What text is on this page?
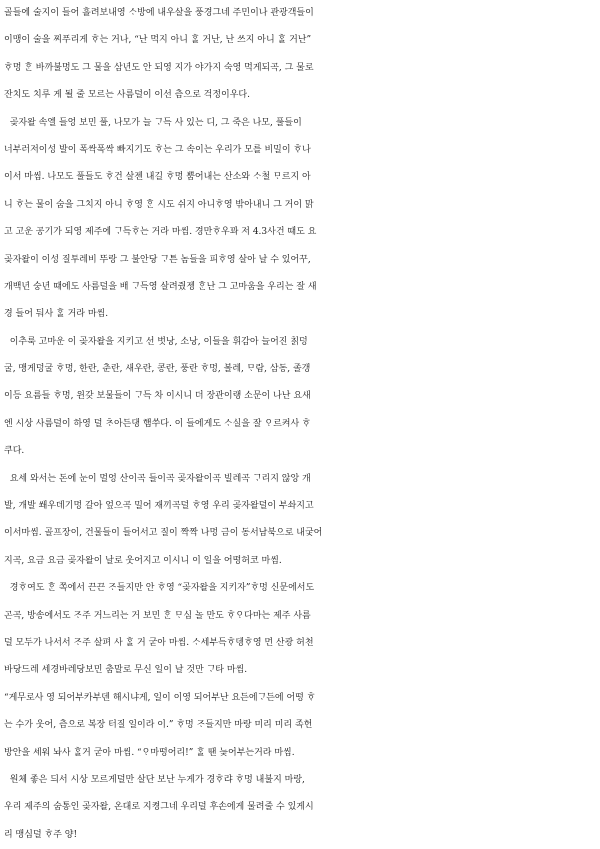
골들에 술지이 들어 흘려보내영 ᄉᆞ방에 내우살을 풍경그네 주민이나 관광객들이
이맹이 술을 찌푸리게 ᄒᆞ는 거나, “난 먹지 아니 ᄒᆞᆯ 거난, 난 쓰지 아니 ᄒᆞᆯ 거난”
ᄒᆞ멍 ᄒᆞᆫ 바까불멍도 그 물을 삼년도 안 되영 지가 야가지 숙영 먹게되곡, 그 물로
잔치도 치루 게 될 줄 모르는 사름덜이 이선 츰으로 걱정이우다.
곶자왈 속엘 들엉 보민 풀, 나모가 늘 ᄀᆞ득 사 있는 디, 그 죽은 나모, 풀들이
너부러저이성 발이 폭싹폭싹 빠지기도 ᄒᆞ는 그 속이는 우리가 모를 비밀이 ᄒᆞ나
이서 마씸. 나모도 풀들도 ᄒᆞ건 살젠 내길 ᄒᆞ멍 뿜어내는 산소와 ᄉᆞ철 ᄆᆞ르지 아
니 ᄒᆞ는 물이 숨을 그치지 아니 ᄒᆞ영 ᄒᆞᆫ 시도 쉬지 아니ᄒᆞ영 밖아내니 그 거이 맑
고 고운 공기가 되영 제주에 ᄀᆞ득ᄒᆞ는 거라 마씸. 경만ᄒᆞ우꽈 저 4.3사건 때도 요
곶자왈이 이성 질투레비 뚜랑 그 불안당 ᄀᆞ튼 놈들을 피ᄒᆞ영 살아 날 수 있어꾸,
개백년 숭년 때에도 사름덜을 배 ᄀᆞ득영 살려줬젱 ᄒᆞᆫ난 그 고마움을 우리는 잘 새
경 들어 둬사 ᄒᆞᆯ 거라 마씸.
이추룩 고마운 이 곶자왈을 지키고 선 벗낭, 소낭, 이들을 휘감아 늘어진 칡덩
굴, 맹게덩굴 ᄒᆞ멍, 한란, 춘란, 새우란, 콩란, 풍란 ᄒᆞ멍, 볼레, ᄆᆞ람, 삼동, 졸갱
이등 요름들 ᄒᆞ멍, 윈갖 보물들이 ᄀᆞ득 차 이시니 더 장관이랭 소문이 나난 요새
엔 시상 사름덜이 하영 덜 ᄎᆞ아든댕 햄쑤다. 이 들에게도 ᄉᆞ실을 잘 ᄋᆞ르켜사 ᄒᆞ
쿠다.
요세 와서는 돈에 눈이 멀엉 산이곡 들이곡 곶자왈이곡 빌레곡 ᄀᆞ리지 않앙 개
발, 개발 쐐우데기멍 갈아 엎으곡 밀어 재끼곡덜 ᄒᆞ영 우리 곶자왈덜이 부솨지고
이서마씸. 골프장이, 건물들이 들어서고 질이 짝짝 나멍 금이 동서남북으로 내궂어
지곡, 요금 요금 곶자왈이 날로 웃어지고 이시니 이 일을 어떵허코 마씸.
경ᄒᆞ여도 ᄒᆞᆫ 쪽에서 끈끈 ᄌᆞ들지만 안 ᄒᆞ영 “곶자왈을 지키자”ᄒᆞ멍 신문에서도
곤곡, 방송에서도 ᄌᆞ주 거느리는 거 보민 ᄒᆞᆫ ᄆᆞ심 놀 만도 ᄒᆞᄋᆞ다마는 제주 사름
덜 모두가 나서서 ᄌᆞ주 살펴 사 ᄒᆞᆯ 거 굳아 마씸. ᄉᆞ세부득ᄒᆞ뎅ᄒᆞ영 먼 산광 허천
바당드레 세경바레당보민 춤말로 무신 일이 날 것만 ᄀᆞ타 마씸.
“게무로사 영 되어부카부덴 해시냐게, 일이 이영 되어부난 요든에ᄀᆞ든에 어떵 ᄒᆞ
는 수가 웃어, 츰으로 복장 터질 일이라 이.” ᄒᆞ멍 ᄌᆞ들지만 마랑 미리 미리 족헌
방안을 세워 놔사 ᄒᆞᆯ거 굳아 마씸. “ᄋᆞ마떵어리!” ᄒᆞᆯ 땐 늦어부는거라 마씸.
원체 좋은 듸서 시상 모르게덜만 살단 보난 누게가 경ᄒᆞ랴 ᄒᆞ멍 내불지 마랑,
우리 제주의 숨통인 곶자왈, 온대로 지켱그네 우리덜 후손에게 물려줄 수 있게시
리 맹심덜 ᄒᆞ주 양!
